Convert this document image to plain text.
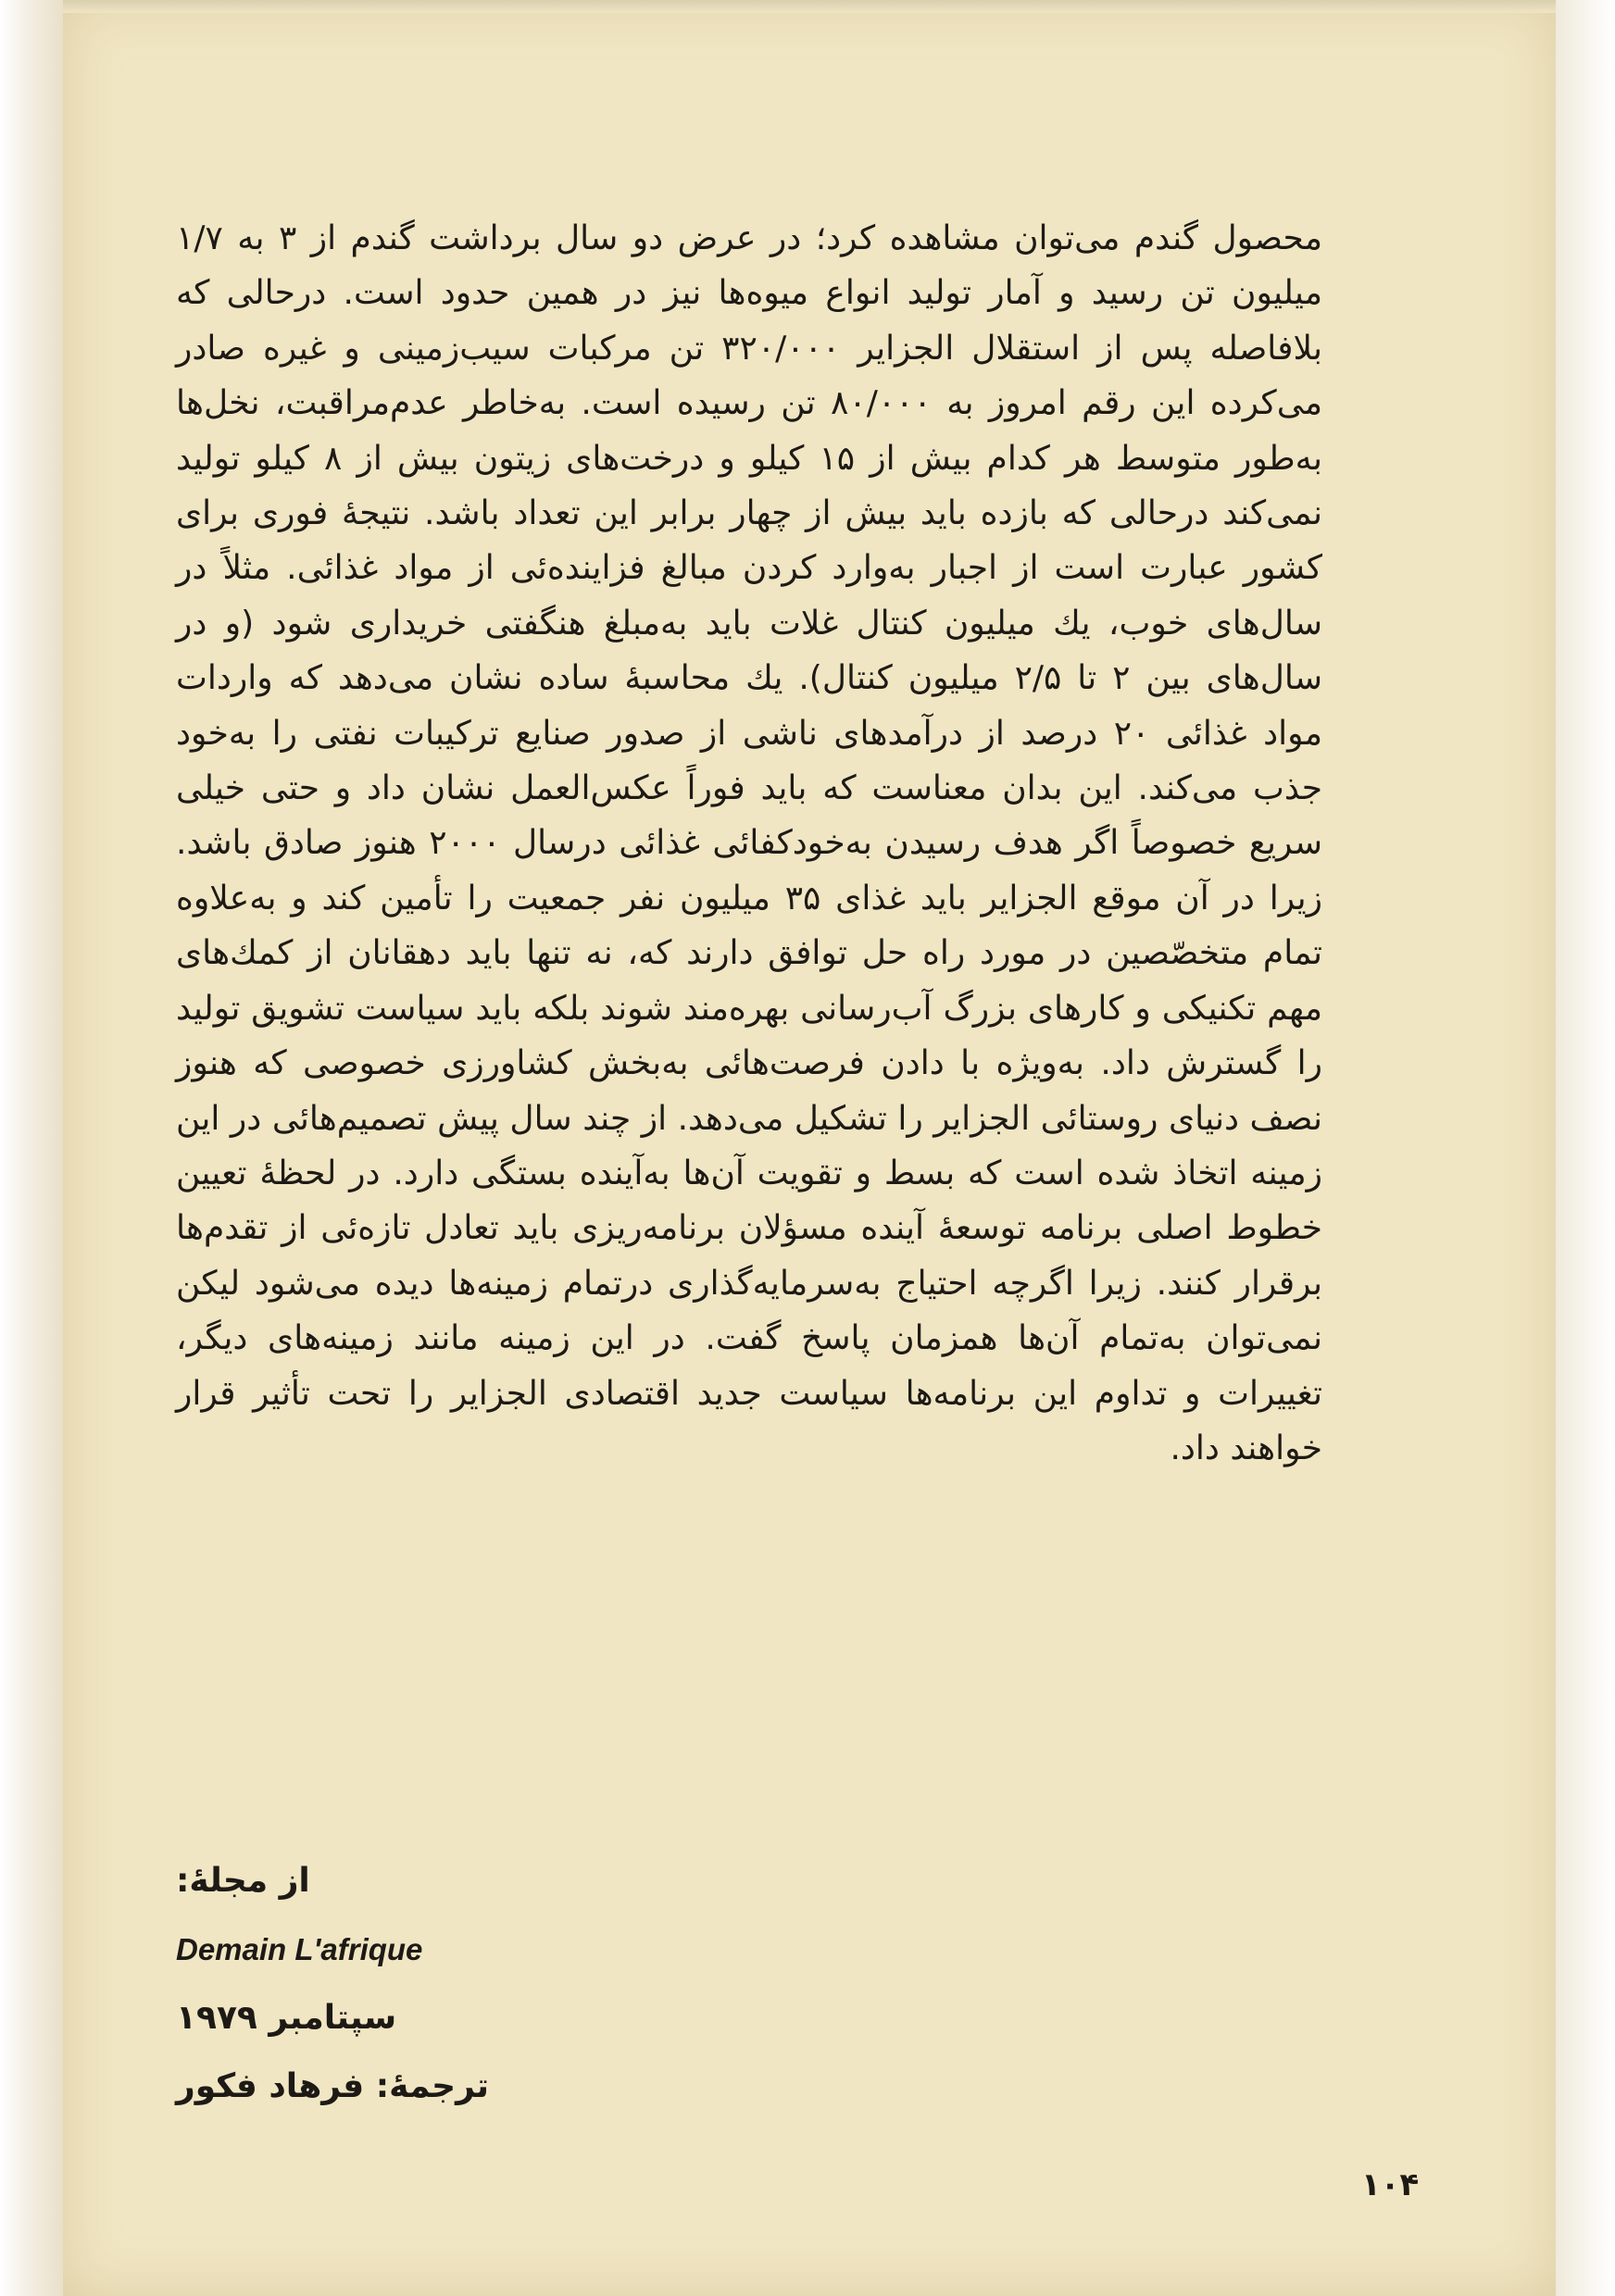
محصول گندم می‌توان مشاهده کرد؛ در عرض دو سال برداشت گندم از ۳ به ۱/۷ میلیون تن رسید و آمار تولید انواع میوه‌ها نیز در همین حدود است. درحالی که بلافاصله پس از استقلال الجزایر ۳۲۰/۰۰۰ تن مرکبات سیب‌زمینی و غیره صادر می‌کرده این رقم امروز به ۸۰/۰۰۰ تن رسیده است. به‌خاطر عدم‌مراقبت، نخل‌ها به‌طور متوسط هر کدام بیش از ۱۵ کیلو و درخت‌های زیتون بیش از ۸ کیلو تولید نمی‌کند درحالی که بازده باید بیش از چهار برابر این تعداد باشد. نتیجهٔ فوری برای کشور عبارت است از اجبار به‌وارد کردن مبالغ فزاینده‌ئی از مواد غذائی. مثلاً در سال‌های خوب، یك میلیون کنتال غلات باید به‌مبلغ هنگفتی خریداری شود (و در سال‌های بین ۲ تا ۲/۵ میلیون کنتال). یك محاسبهٔ ساده نشان می‌دهد که واردات مواد غذائی ۲۰ درصد از درآمدهای ناشی از صدور صنایع ترکیبات نفتی را به‌خود جذب می‌کند. این بدان معناست که باید فوراً عکس‌العمل نشان داد و حتی خیلی سریع خصوصاً اگر هدف رسیدن به‌خودکفائی غذائی درسال ۲۰۰۰ هنوز صادق باشد. زیرا در آن موقع الجزایر باید غذای ۳۵ میلیون نفر جمعیت را تأمین کند و به‌علاوه تمام متخصّصین در مورد راه حل توافق دارند که، نه تنها باید دهقانان از کمك‌های مهم تکنیکی و کارهای بزرگ آب‌رسانی بهره‌مند شوند بلکه باید سیاست تشویق تولید را گسترش داد. به‌ویژه با دادن فرصت‌هائی به‌بخش کشاورزی خصوصی که هنوز نصف دنیای روستائی الجزایر را تشکیل می‌دهد. از چند سال پیش تصمیم‌هائی در این زمینه اتخاذ شده است که بسط و تقویت آن‌ها به‌آینده بستگی دارد. در لحظهٔ تعیین خطوط اصلی برنامه توسعهٔ آینده مسؤلان برنامه‌ریزی باید تعادل تازه‌ئی از تقدم‌ها برقرار کنند. زیرا اگرچه احتیاج به‌سرمایه‌گذاری درتمام زمینه‌ها دیده می‌شود لیکن نمی‌توان به‌تمام آن‌ها همزمان پاسخ گفت. در این زمینه مانند زمینه‌های دیگر، تغییرات و تداوم این برنامه‌ها سیاست جدید اقتصادی الجزایر را تحت تأثیر قرار خواهند داد.

از مجلهٔ:
Demain L'afrique
سپتامبر ۱۹۷۹
ترجمهٔ: فرهاد فکور
۱۰۴
